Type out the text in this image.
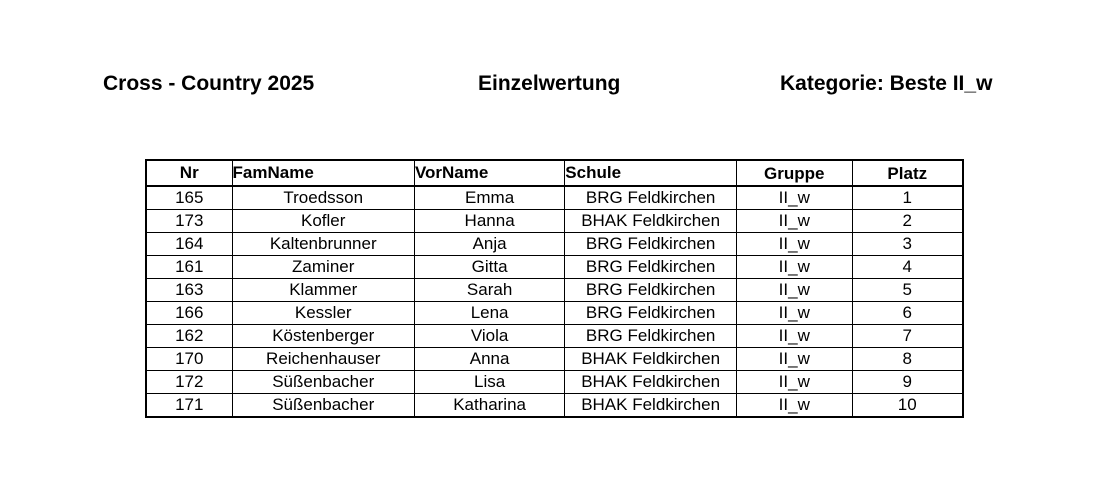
Cross - Country 2025	Einzelwertung	Kategorie: Beste II_w
Nr	FamName	VorName	Schule	Gruppe	Platz
165	Troedsson	Emma	BRG Feldkirchen	II_w	1
173	Kofler	Hanna	BHAK Feldkirchen	II_w	2
164	Kaltenbrunner	Anja	BRG Feldkirchen	II_w	3
161	Zaminer	Gitta	BRG Feldkirchen	II_w	4
163	Klammer	Sarah	BRG Feldkirchen	II_w	5
166	Kessler	Lena	BRG Feldkirchen	II_w	6
162	Köstenberger	Viola	BRG Feldkirchen	II_w	7
170	Reichenhauser	Anna	BHAK Feldkirchen	II_w	8
172	Süßenbacher	Lisa	BHAK Feldkirchen	II_w	9
171	Süßenbacher	Katharina	BHAK Feldkirchen	II_w	10
